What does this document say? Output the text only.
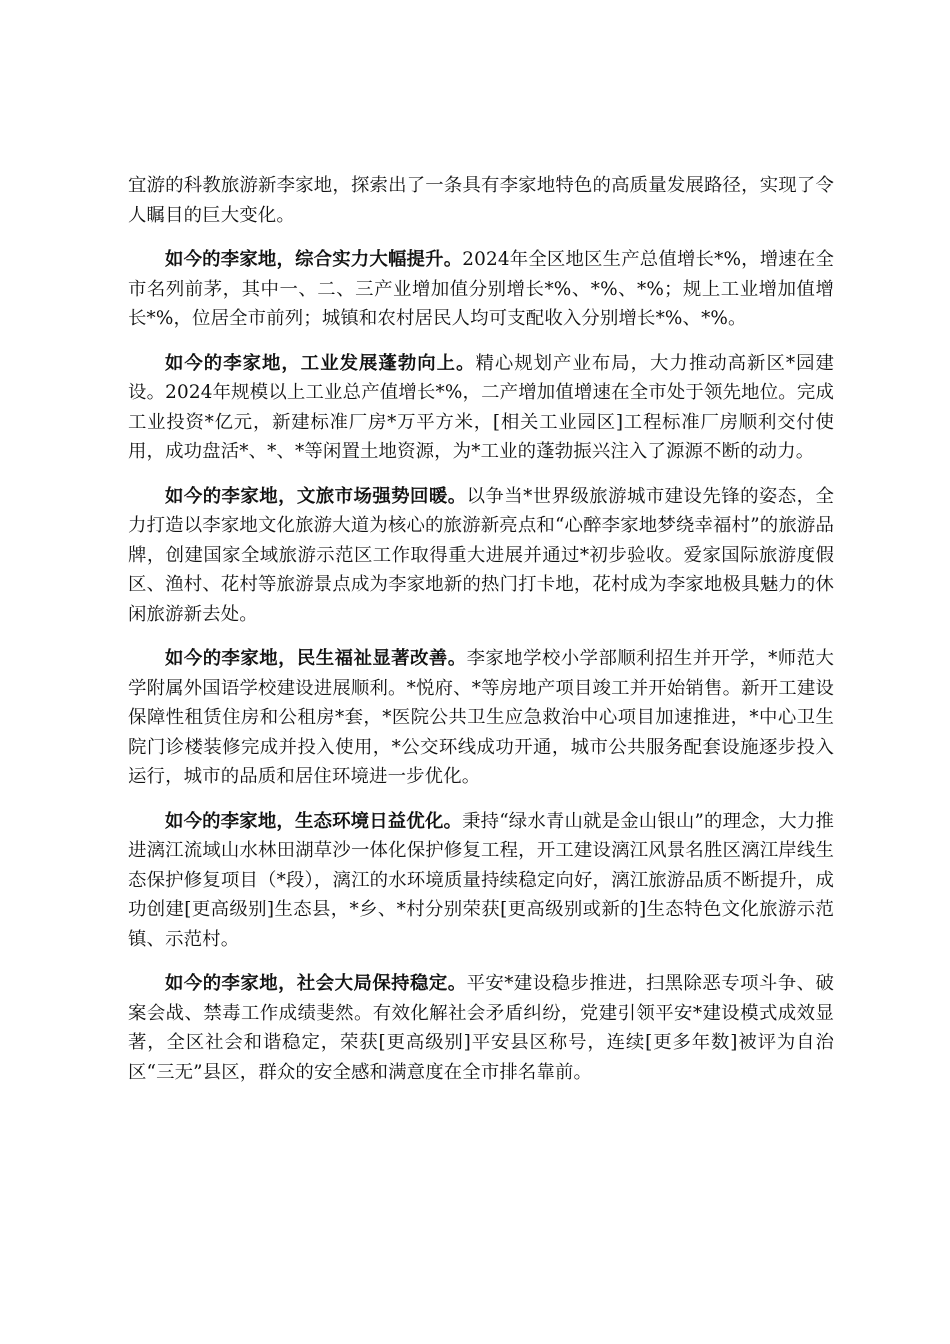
宜游的科教旅游新李家地，探索出了一条具有李家地特色的高质量发展路径，实现了令人瞩目的巨大变化。

如今的李家地，综合实力大幅提升。2024年全区地区生产总值增长*%，增速在全市名列前茅，其中一、二、三产业增加值分别增长*%、*%、*%；规上工业增加值增长*%，位居全市前列；城镇和农村居民人均可支配收入分别增长*%、*%。

如今的李家地，工业发展蓬勃向上。精心规划产业布局，大力推动高新区*园建设。2024年规模以上工业总产值增长*%，二产增加值增速在全市处于领先地位。完成工业投资*亿元，新建标准厂房*万平方米，[相关工业园区]工程标准厂房顺利交付使用，成功盘活*、*、*等闲置土地资源，为*工业的蓬勃振兴注入了源源不断的动力。

如今的李家地，文旅市场强势回暖。以争当*世界级旅游城市建设先锋的姿态，全力打造以李家地文化旅游大道为核心的旅游新亮点和“心醉李家地梦绕幸福村”的旅游品牌，创建国家全域旅游示范区工作取得重大进展并通过*初步验收。爱家国际旅游度假区、渔村、花村等旅游景点成为李家地新的热门打卡地，花村成为李家地极具魅力的休闲旅游新去处。

如今的李家地，民生福祉显著改善。李家地学校小学部顺利招生并开学，*师范大学附属外国语学校建设进展顺利。*悦府、*等房地产项目竣工并开始销售。新开工建设保障性租赁住房和公租房*套，*医院公共卫生应急救治中心项目加速推进，*中心卫生院门诊楼装修完成并投入使用，*公交环线成功开通，城市公共服务配套设施逐步投入运行，城市的品质和居住环境进一步优化。

如今的李家地，生态环境日益优化。秉持“绿水青山就是金山银山”的理念，大力推进漓江流域山水林田湖草沙一体化保护修复工程，开工建设漓江风景名胜区漓江岸线生态保护修复项目（*段），漓江的水环境质量持续稳定向好，漓江旅游品质不断提升，成功创建[更高级别]生态县，*乡、*村分别荣获[更高级别或新的]生态特色文化旅游示范镇、示范村。

如今的李家地，社会大局保持稳定。平安*建设稳步推进，扫黑除恶专项斗争、破案会战、禁毒工作成绩斐然。有效化解社会矛盾纠纷，党建引领平安*建设模式成效显著，全区社会和谐稳定，荣获[更高级别]平安县区称号，连续[更多年数]被评为自治区“三无”县区，群众的安全感和满意度在全市排名靠前。
